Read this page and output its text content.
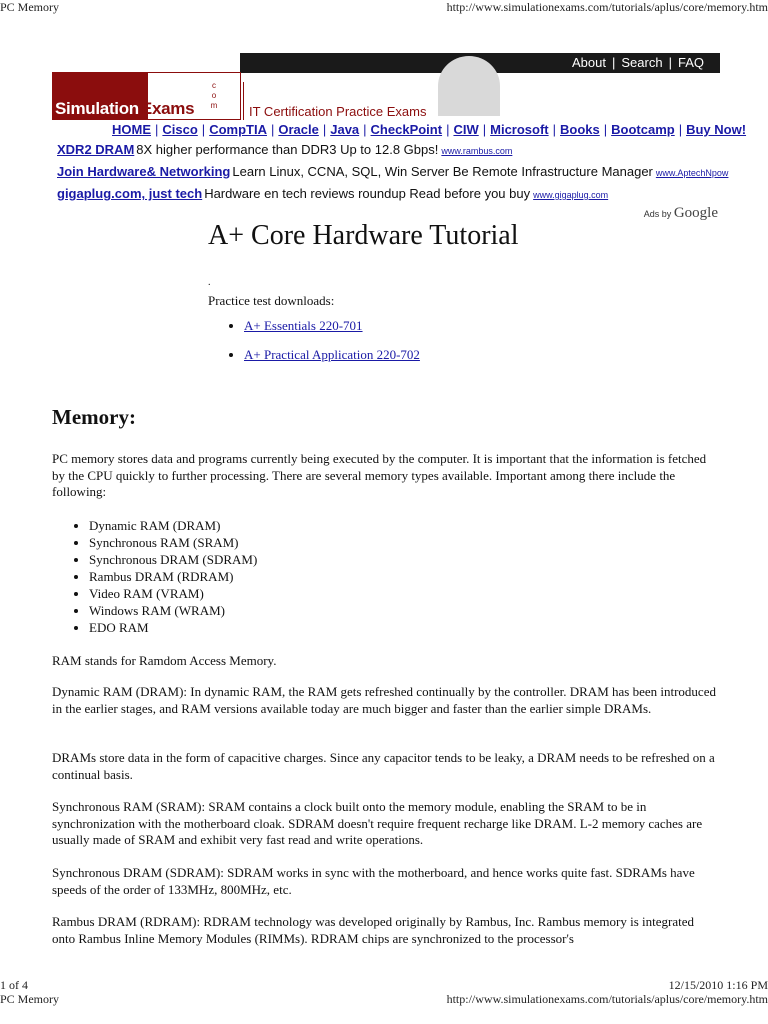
PC Memory	http://www.simulationexams.com/tutorials/aplus/core/memory.htm
About | Search | FAQ
Simulation Exams
c o m IT Certification Practice Exams
HOME | Cisco | CompTIA | Oracle | Java | CheckPoint | CIW | Microsoft | Books | Bootcamp | Buy Now!
XDR2 DRAM 8X higher performance than DDR3 Up to 12.8 Gbps! www.rambus.com
Join Hardware& Networking Learn Linux, CCNA, SQL, Win Server Be Remote Infrastructure Manager www.AptechNpow
gigaplug.com, just tech Hardware en tech reviews roundup Read before you buy www.gigaplug.com
Ads by Google
A+ Core Hardware Tutorial
.
Practice test downloads:
• A+ Essentials 220-701
• A+ Practical Application 220-702
Memory:

PC memory stores data and programs currently being executed by the computer. It is important that the information is fetched by the CPU quickly to further processing. There are several memory types available. Important among there include the following:

• Dynamic RAM (DRAM)
• Synchronous RAM (SRAM)
• Synchronous DRAM (SDRAM)
• Rambus DRAM (RDRAM)
• Video RAM (VRAM)
• Windows RAM (WRAM)
• EDO RAM

RAM stands for Ramdom Access Memory.

Dynamic RAM (DRAM): In dynamic RAM, the RAM gets refreshed continually by the controller. DRAM has been introduced in the earlier stages, and RAM versions available today are much bigger and faster than the earlier simple DRAMs.

DRAMs store data in the form of capacitive charges. Since any capacitor tends to be leaky, a DRAM needs to be refreshed on a continual basis.

Synchronous RAM (SRAM): SRAM contains a clock built onto the memory module, enabling the SRAM to be in synchronization with the motherboard cloak. SDRAM doesn't require frequent recharge like DRAM. L-2 memory caches are usually made of SRAM and exhibit very fast read and write operations.

Synchronous DRAM (SDRAM): SDRAM works in sync with the motherboard, and hence works quite fast. SDRAMs have speeds of the order of 133MHz, 800MHz, etc.

Rambus DRAM (RDRAM): RDRAM technology was developed originally by Rambus, Inc. Rambus memory is integrated onto Rambus Inline Memory Modules (RIMMs). RDRAM chips are synchronized to the processor's

1 of 4	12/15/2010 1:16 PM
PC Memory	http://www.simulationexams.com/tutorials/aplus/core/memory.htm
